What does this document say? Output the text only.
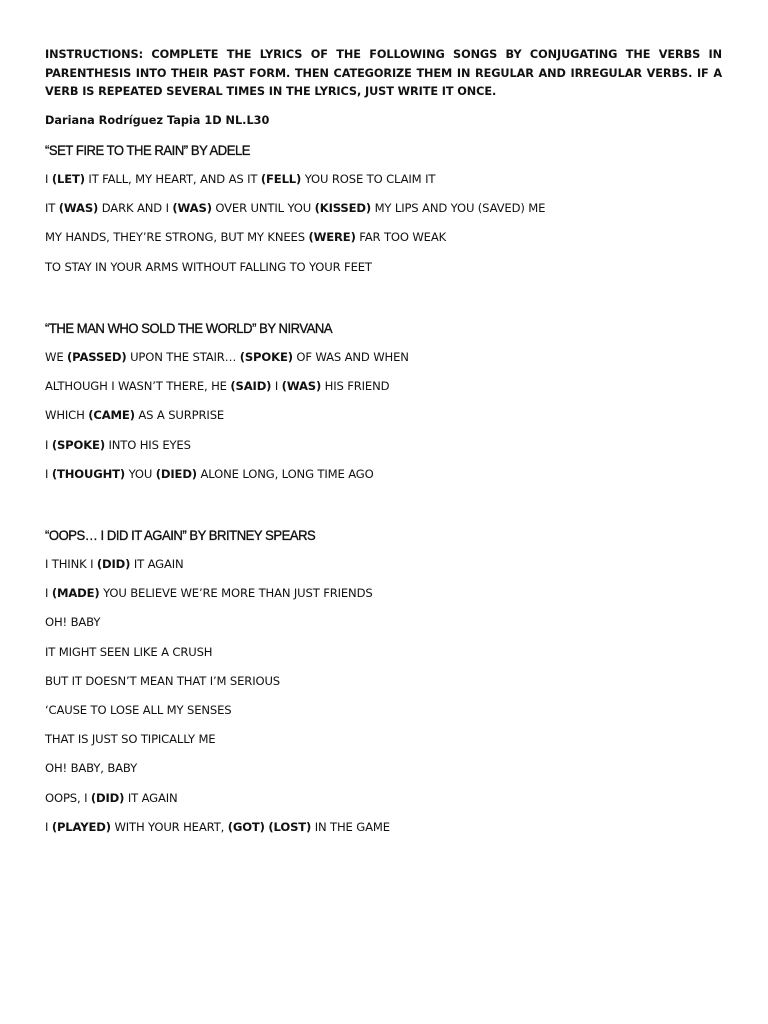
INSTRUCTIONS: COMPLETE THE LYRICS OF THE FOLLOWING SONGS BY CONJUGATING THE VERBS IN PARENTHESIS INTO THEIR PAST FORM. THEN CATEGORIZE THEM IN REGULAR AND IRREGULAR VERBS. IF A VERB IS REPEATED SEVERAL TIMES IN THE LYRICS, JUST WRITE IT ONCE.

Dariana Rodríguez Tapia 1D NL.L30

“SET FIRE TO THE RAIN” BY ADELE

I (LET) IT FALL, MY HEART, AND AS IT (FELL) YOU ROSE TO CLAIM IT

IT (WAS) DARK AND I (WAS) OVER UNTIL YOU (KISSED) MY LIPS AND YOU (SAVED) ME

MY HANDS, THEY’RE STRONG, BUT MY KNEES (WERE) FAR TOO WEAK

TO STAY IN YOUR ARMS WITHOUT FALLING TO YOUR FEET

“THE MAN WHO SOLD THE WORLD” BY NIRVANA

WE (PASSED) UPON THE STAIR… (SPOKE) OF WAS AND WHEN

ALTHOUGH I WASN’T THERE, HE (SAID) I (WAS) HIS FRIEND

WHICH (CAME) AS A SURPRISE

I (SPOKE) INTO HIS EYES

I (THOUGHT) YOU (DIED) ALONE LONG, LONG TIME AGO

“OOPS… I DID IT AGAIN” BY BRITNEY SPEARS

I THINK I (DID) IT AGAIN

I (MADE) YOU BELIEVE WE’RE MORE THAN JUST FRIENDS

OH! BABY

IT MIGHT SEEN LIKE A CRUSH

BUT IT DOESN’T MEAN THAT I’M SERIOUS

‘CAUSE TO LOSE ALL MY SENSES

THAT IS JUST SO TIPICALLY ME

OH! BABY, BABY

OOPS, I (DID) IT AGAIN

I (PLAYED) WITH YOUR HEART, (GOT) (LOST) IN THE GAME
